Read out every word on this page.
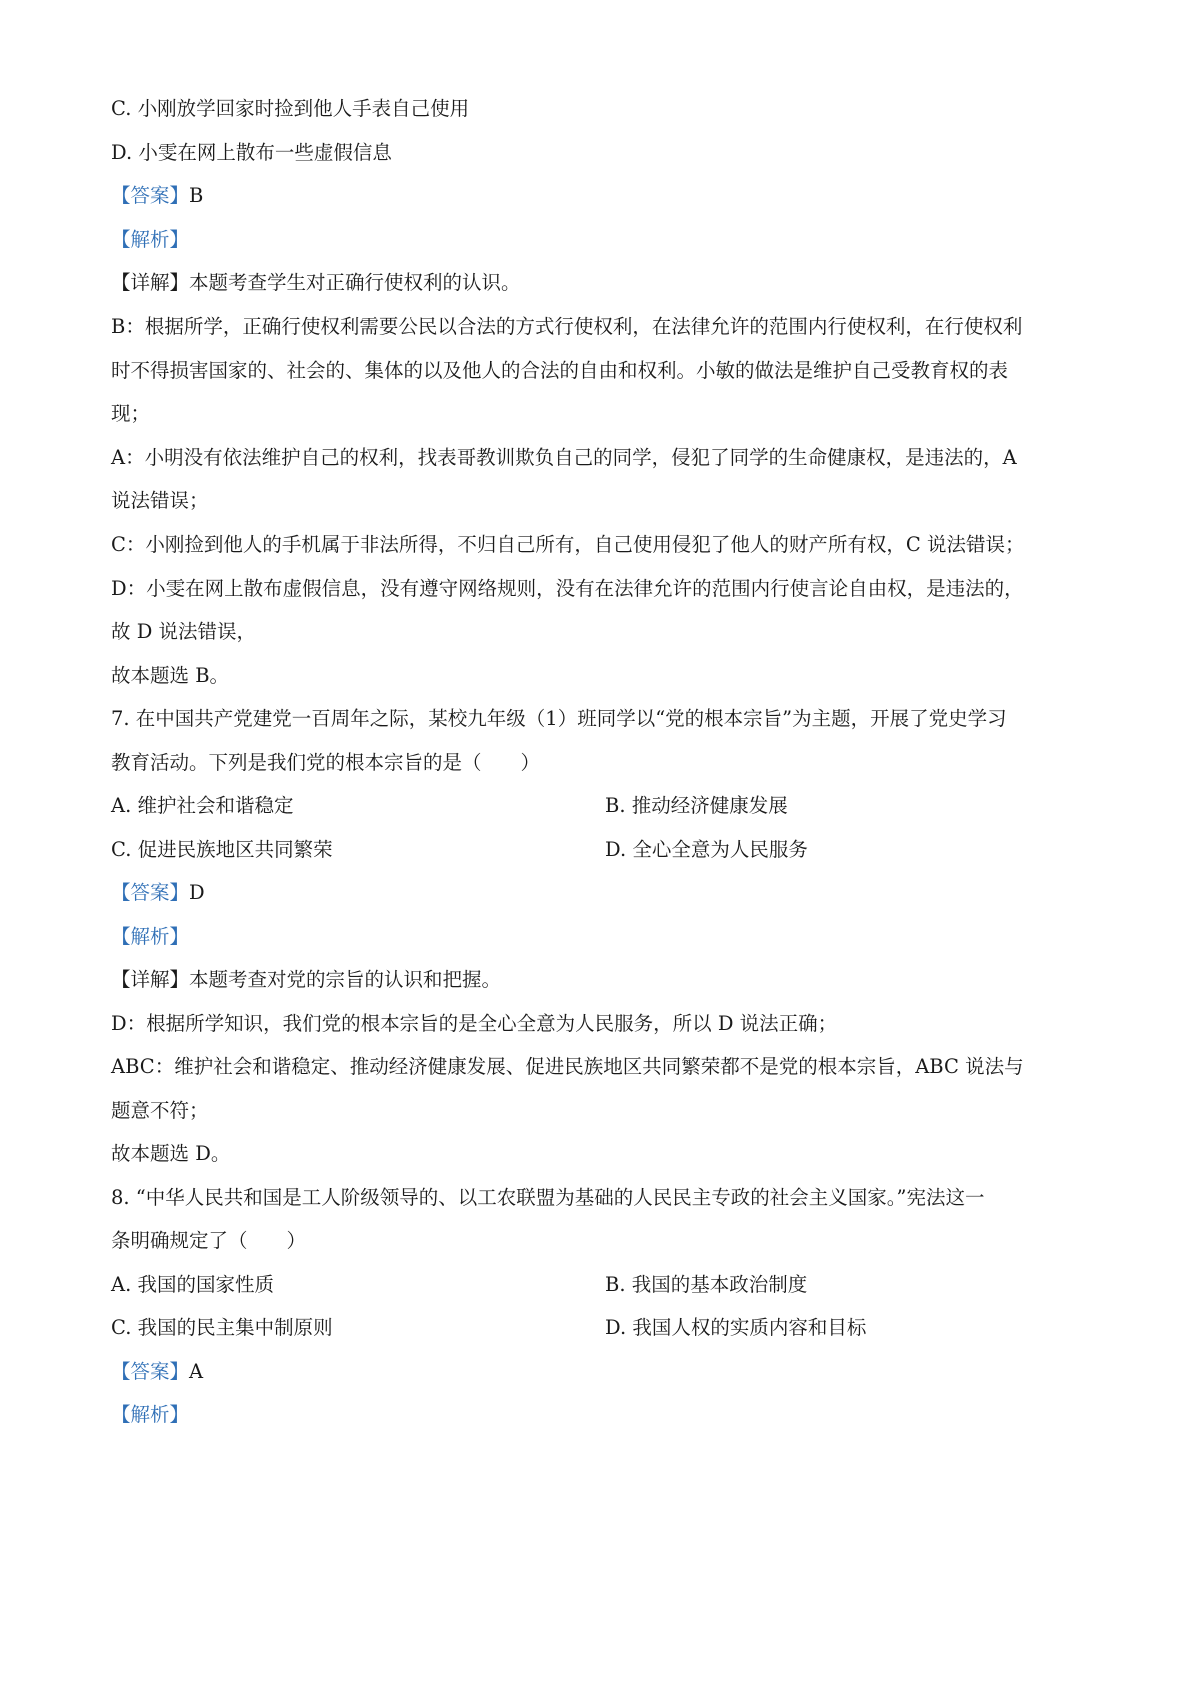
C. 小刚放学回家时捡到他人手表自己使用
D. 小雯在网上散布一些虚假信息
【答案】B
【解析】
【详解】本题考查学生对正确行使权利的认识。
B：根据所学，正确行使权利需要公民以合法的方式行使权利，在法律允许的范围内行使权利，在行使权利
时不得损害国家的、社会的、集体的以及他人的合法的自由和权利。小敏的做法是维护自己受教育权的表
现；
A：小明没有依法维护自己的权利，找表哥教训欺负自己的同学，侵犯了同学的生命健康权，是违法的，A
说法错误；
C：小刚捡到他人的手机属于非法所得，不归自己所有，自己使用侵犯了他人的财产所有权，C 说法错误；
D：小雯在网上散布虚假信息，没有遵守网络规则，没有在法律允许的范围内行使言论自由权，是违法的，
故 D 说法错误，
故本题选 B。
7. 在中国共产党建党一百周年之际，某校九年级（1）班同学以“党的根本宗旨”为主题，开展了党史学习
教育活动。下列是我们党的根本宗旨的是（　　）
A. 维护社会和谐稳定	B. 推动经济健康发展
C. 促进民族地区共同繁荣	D. 全心全意为人民服务
【答案】D
【解析】
【详解】本题考查对党的宗旨的认识和把握。
D：根据所学知识，我们党的根本宗旨的是全心全意为人民服务，所以 D 说法正确；
ABC：维护社会和谐稳定、推动经济健康发展、促进民族地区共同繁荣都不是党的根本宗旨，ABC 说法与
题意不符；
故本题选 D。
8. “中华人民共和国是工人阶级领导的、以工农联盟为基础的人民民主专政的社会主义国家。”宪法这一
条明确规定了（　　）
A. 我国的国家性质	B. 我国的基本政治制度
C. 我国的民主集中制原则	D. 我国人权的实质内容和目标
【答案】A
【解析】
